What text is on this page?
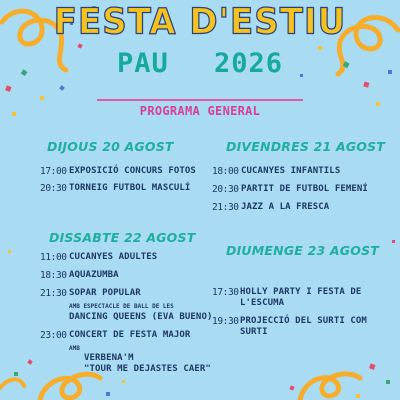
FESTA D'ESTIU
PAU 2026
PROGRAMA GENERAL
DIJOUS 20 AGOST
17:00 EXPOSICIÓ CONCURS FOTOS
20:30 TORNEIG FUTBOL MASCULÍ
DIVENDRES 21 AGOST
18:00 CUCANYES INFANTILS
20:30 PARTIT DE FUTBOL FEMENÍ
21:30 JAZZ A LA FRESCA
DISSABTE 22 AGOST
11:00 CUCANYES ADULTES
18:30 AQUAZUMBA
21:30 SOPAR POPULAR
AMB ESPECTACLE DE BALL DE LES
DANCING QUEENS (EVA BUENO)
23:00 CONCERT DE FESTA MAJOR
AMB
VERBENA'M
"TOUR ME DEJASTES CAER"
DIUMENGE 23 AGOST
17:30 HOLLY PARTY I FESTA DE
L'ESCUMA
19:30 PROJECCIÓ DEL SURTI COM
SURTI
